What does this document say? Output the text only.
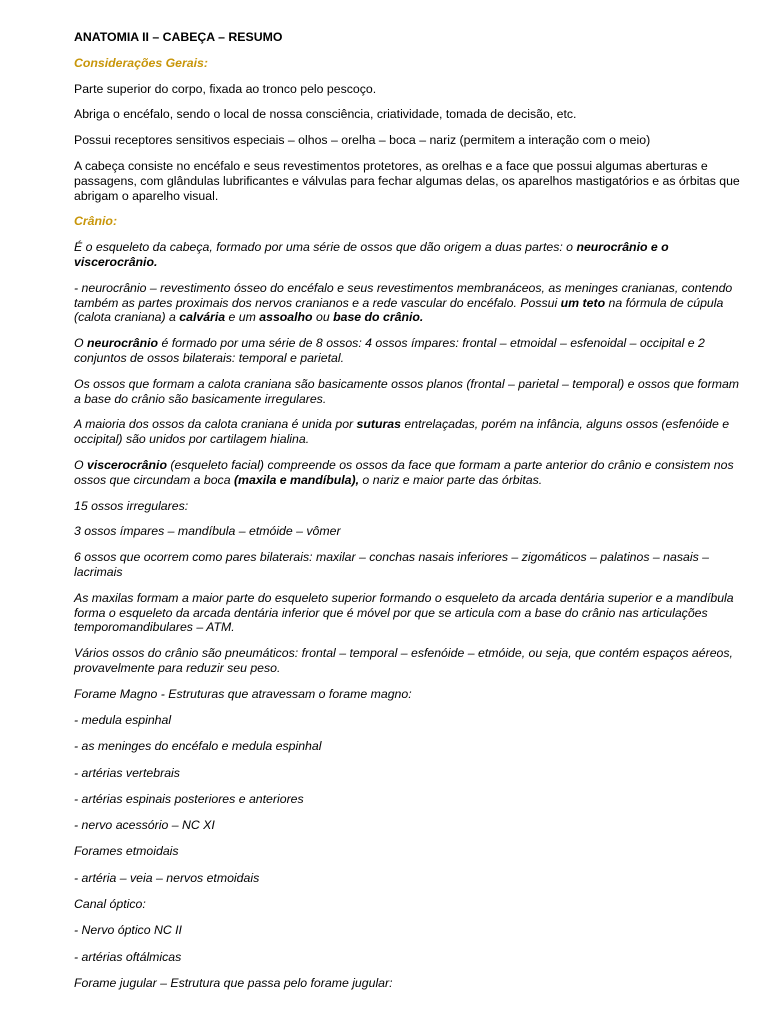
ANATOMIA II – CABEÇA – RESUMO

Considerações Gerais:

Parte superior do corpo, fixada ao tronco pelo pescoço.

Abriga o encéfalo, sendo o local de nossa consciência, criatividade, tomada de decisão, etc.

Possui receptores sensitivos especiais – olhos – orelha – boca – nariz (permitem a interação com o meio)

A cabeça consiste no encéfalo e seus revestimentos protetores, as orelhas e a face que possui algumas aberturas e passagens, com glândulas lubrificantes e válvulas para fechar algumas delas, os aparelhos mastigatórios e as órbitas que abrigam o aparelho visual.

Crânio:

É o esqueleto da cabeça, formado por uma série de ossos que dão origem a duas partes: o neurocrânio e o viscerocrânio.

- neurocrânio – revestimento ósseo do encéfalo e seus revestimentos membranáceos, as meninges cranianas, contendo também as partes proximais dos nervos cranianos e a rede vascular do encéfalo. Possui um teto na fórmula de cúpula (calota craniana) a calvária e um assoalho ou base do crânio.

O neurocrânio é formado por uma série de 8 ossos: 4 ossos ímpares: frontal – etmoidal – esfenoidal – occipital e 2 conjuntos de ossos bilaterais: temporal e parietal.

Os ossos que formam a calota craniana são basicamente ossos planos (frontal – parietal – temporal) e ossos que formam a base do crânio são basicamente irregulares.

A maioria dos ossos da calota craniana é unida por suturas entrelaçadas, porém na infância, alguns ossos (esfenóide e occipital) são unidos por cartilagem hialina.

O viscerocrânio (esqueleto facial) compreende os ossos da face que formam a parte anterior do crânio e consistem nos ossos que circundam a boca (maxila e mandíbula), o nariz e maior parte das órbitas.

15 ossos irregulares:

3 ossos ímpares – mandíbula – etmóide – vômer

6 ossos que ocorrem como pares bilaterais: maxilar – conchas nasais inferiores – zigomáticos – palatinos – nasais – lacrimais

As maxilas formam a maior parte do esqueleto superior formando o esqueleto da arcada dentária superior e a mandíbula forma o esqueleto da arcada dentária inferior que é móvel por que se articula com a base do crânio nas articulações temporomandibulares – ATM.

Vários ossos do crânio são pneumáticos: frontal – temporal – esfenóide – etmóide, ou seja, que contém espaços aéreos, provavelmente para reduzir seu peso.

Forame Magno - Estruturas que atravessam o forame magno:

- medula espinhal

- as meninges do encéfalo e medula espinhal

- artérias vertebrais

- artérias espinais posteriores e anteriores

- nervo acessório – NC XI

Forames etmoidais

- artéria – veia – nervos etmoidais

Canal óptico:

- Nervo óptico NC II

- artérias oftálmicas

Forame jugular – Estrutura que passa pelo forame jugular:
